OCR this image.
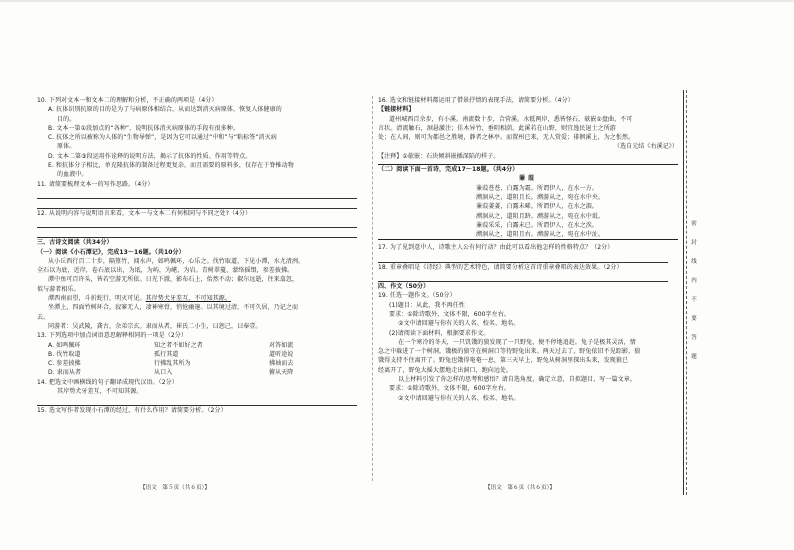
10. 下列对文本一和文本二的理解和分析，不正确的两项是（4分）
A. 抗体识别抗原的目的是为了与病原体相结合，从而达到消灭病原体，恢复人体健康的
目的。
B. 文本一第①段加点的“各种”，说明抗体消灭病原体的手段有很多种。
C. 抗体之所以被称为人体的“生物导弹”，是因为它可以通过“中和”与“粘标签”消灭病
原体。
D. 文本二第③段运用作诠释的说明方法，揭示了抗体的性质、作用等特点。
E. 和抗体分子相比，单克隆抗体的制备过程更复杂，而且需要的原料多，仅存在于脊椎动物
的血液中。
11. 请简要梳理文本一的写作思路。（4分）
12. 从说明内容与说明语言来看，文本一与文本二有何相同与不同之处?（4分）
三、古诗文阅读（共34分）
（一）阅读《小石潭记》，完成13～16题。（共10分）
从小丘西行百二十步，隔篁竹，闻水声，如鸣佩环，心乐之。伐竹取道，下见小潭，水尤清洌。
全石以为底，近岸，卷石底以出，为坻，为屿，为嵁，为岩。青树翠蔓，蒙络摇缀，参差披拂。
潭中鱼可百许头，皆若空游无所依。日光下澈，影布石上，佁然不动；俶尔远逝，往来翕忽，
似与游者相乐。
潭西南而望，斗折蛇行，明灭可见。其岸势犬牙差互，不可知其源。
坐潭上，四面竹树环合，寂寥无人，凄神寒骨，悄怆幽邃。以其境过清，不可久居，乃记之而
去。
同游者：吴武陵，龚古，余弟宗玄。隶而从者，崔氏二小生，曰恕己，曰奉壹。
13. 下列选项中加点词语意思解释相同的一项是（2分）
A. 如鸣佩环	知之者不如好之者	对答如流
B. 伐竹取道	孤行其道	道听途说
C. 参差披拂	行拂乱其所为	拂袖而去
D. 隶而从者	从口入	俯从天降
14. 把选文中画横线的句子翻译成现代汉语。（2分）
其岸势犬牙差互，不可知其源。
15. 选文写作者发现小石潭的经过，有什么作用？请简要分析。（2分）
16. 选文和链接材料都运用了借景抒情的表现手法，请简要分析。（4分）
【链接材料】
道州城西百余步，有小溪。南流数十步，合营溪。水抵两岸，悉皆怪石，欹嵌①盘曲，不可
言状。清流触石，洄悬激注；佳木异竹，垂阴相荫。此溪若在山野，则宜逸民退士之所游
处；在人间，则可为都邑之胜境，静者之林亭。而置州已来，无人赏爱；徘徊溪上，为之怅然。
（选自元结《右溪记》）
【注释】①欹嵌：石块倾斜嵌插深陷的样子。
（二）阅读下面一首诗，完成17～18题。（共4分）
蒹葭
蒹葭苍苍，白露为霜。所谓伊人，在水一方。
溯洄从之，道阻且长。溯游从之，宛在水中央。
蒹葭萋萋，白露未晞。所谓伊人，在水之湄。
溯洄从之，道阻且跻。溯游从之，宛在水中坻。
蒹葭采采，白露未已。所谓伊人，在水之涘。
溯洄从之，道阻且右。溯游从之，宛在水中沚。
17. 为了见到意中人，诗歌主人公有何行动？由此可以看出他怎样的性格特点？（2分）
18. 重章叠唱是《诗经》典型的艺术特色，请简要分析这首诗重章叠唱的表达效果。（2分）
四、作文（50分）
19. 任选一题作文。（50分）
(1)题目：从此，我不再任性
要求：①除诗歌外，文体不限，600字左右。
②文中请回避与你有关的人名、校名、地名。
(2)请阅读下面材料，根据要求作文。
在一个寒冷的冬天，一只饥饿的狼发现了一只野兔，便不停地追赶。兔子是极其灵活，情
急之中躲进了一个树洞，饿极的狼守在树洞口等待野兔出来。两天过去了，野兔依旧不见踪影，狼
饿得支持不住离开了。野兔也饿得奄奄一息，第三天早上，野兔从树洞里探出头来，发现狼已
经离开了，野兔大摇大摆地走出洞口，跑向远处。
以上材料引发了你怎样的思考和感悟？请自选角度，确定立意，自拟题目，写一篇文章。
要求：①除诗歌外，文体不限，600字左右。
②文中请回避与你有关的人名、校名、地名。
【语文　第５页（共６页）】	【语文　第６页（共６页）】
密封线内不要答题
